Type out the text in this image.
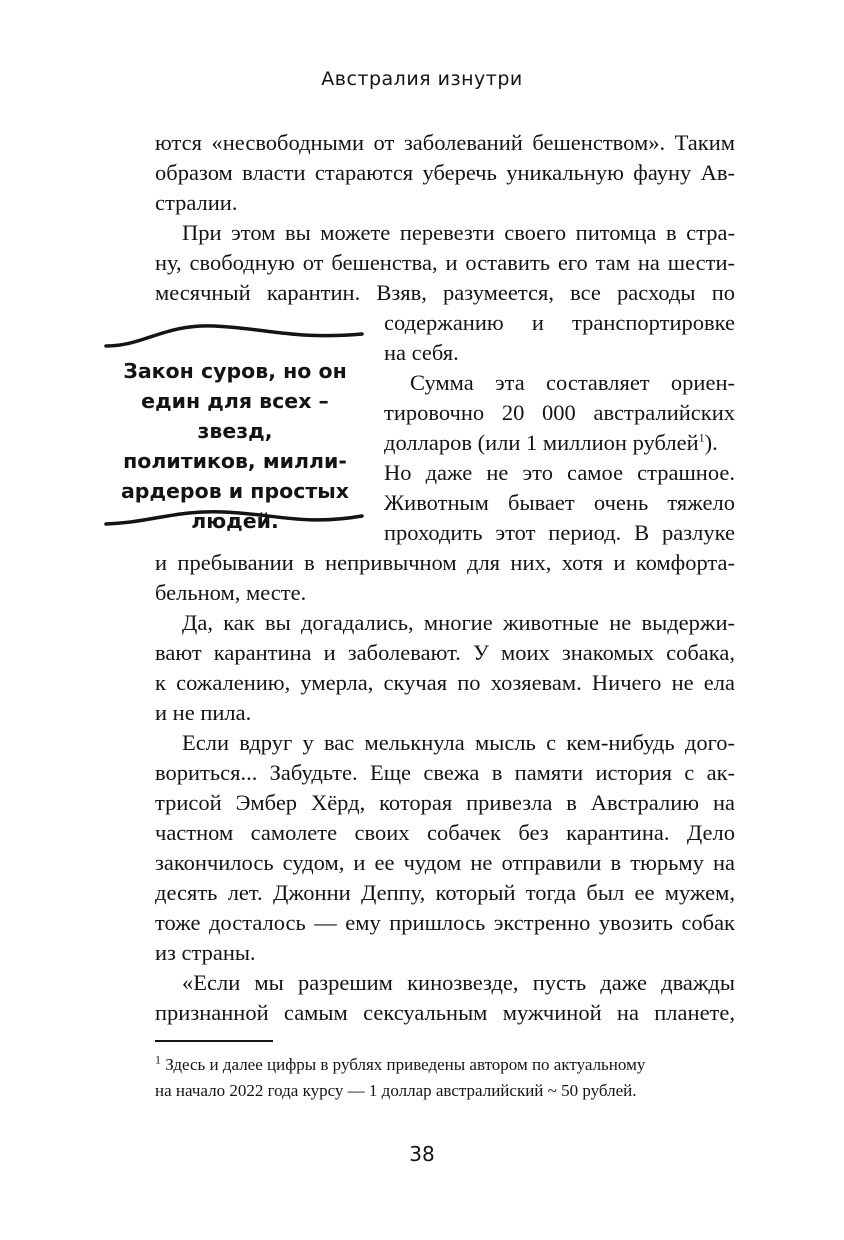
Австралия изнутри

ются «несвободными от заболеваний бешенством». Таким

образом власти стараются уберечь уникальную фауну Ав-

стралии.

При этом вы можете перевезти своего питомца в стра-

ну, свободную от бешенства, и оставить его там на шести-

месячный карантин. Взяв, разумеется, все расходы по

содержанию и транспортировке

на себя.

Сумма эта составляет ориен-

тировочно 20 000 австралийских

долларов (или 1 миллион рублей$^1$).

Но даже не это самое страшное.

Животным бывает очень тяжело

проходить этот период. В разлуке

и пребывании в непривычном для них, хотя и комфорта-

бельном, месте.

Да, как вы догадались, многие животные не выдержи-

вают карантина и заболевают. У моих знакомых собака,

к сожалению, умерла, скучая по хозяевам. Ничего не ела

и не пила.

Если вдруг у вас мелькнула мысль с кем-нибудь дого-

вориться... Забудьте. Еще свежа в памяти история с ак-

трисой Эмбер Хёрд, которая привезла в Австралию на

частном самолете своих собачек без карантина. Дело

закончилось судом, и ее чудом не отправили в тюрьму на

десять лет. Джонни Деппу, который тогда был ее мужем,

тоже досталось — ему пришлось экстренно увозить собак

из страны.

«Если мы разрешим кинозвезде, пусть даже дважды

признанной самым сексуальным мужчиной на планете,

Закон суров, но он
един для всех – звезд,
политиков, милли-
ардеров и простых
людей.
$^1$ Здесь и далее цифры в рублях приведены автором по актуальному
на начало 2022 года курсу — 1 доллар австралийский ~ 50 рублей.
38
